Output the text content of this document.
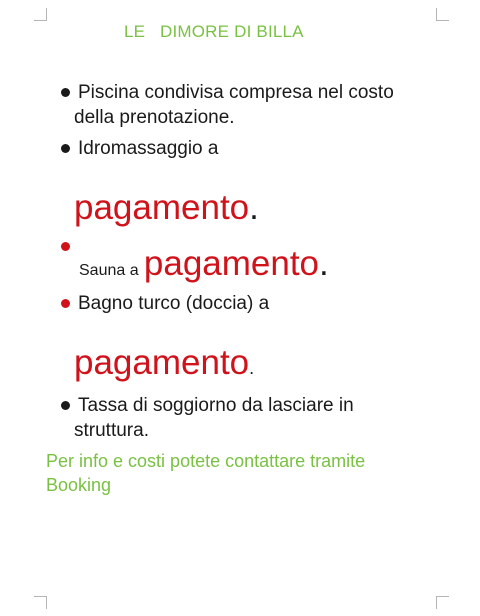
LE   DIMORE DI BILLA
Piscina condivisa compresa nel costo
della prenotazione.
Idromassaggio a
pagamento.
Sauna a pagamento.
Bagno turco (doccia) a
pagamento.
Tassa di soggiorno da lasciare in
struttura.
Per info e costi potete contattare tramite
Booking
